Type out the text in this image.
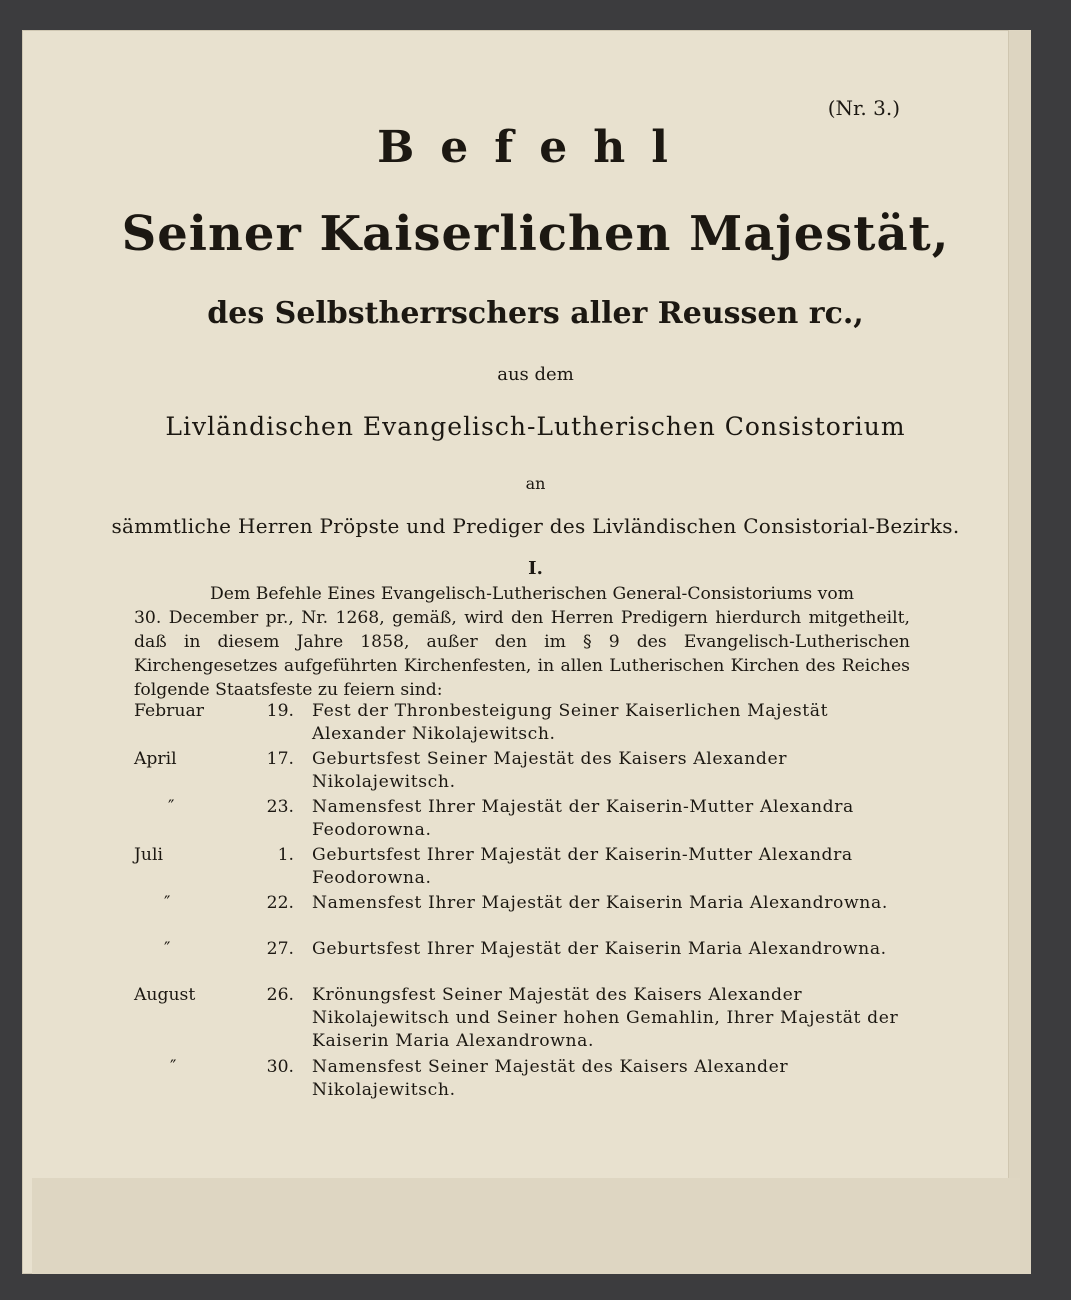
(Nr. 3.)
Befehl
Seiner Kaiserlichen Majestät,
des Selbstherrschers aller Reussen rc.,
aus dem
Livländischen Evangelisch-Lutherischen Consistorium
an
sämmtliche Herren Pröpste und Prediger des Livländischen Consistorial-Bezirks.
I.
Dem Befehle Eines Evangelisch-Lutherischen General-Consistoriums vom
30. December pr., Nr. 1268, gemäß, wird den Herren Predigern hierdurch mitgetheilt, daß in diesem Jahre 1858, außer den im § 9 des Evangelisch-Lutherischen Kirchengesetzes aufgeführten Kirchenfesten, in allen Lutherischen Kirchen des Reiches folgende Staatsfeste zu feiern sind:
Februar	19. Fest der Thronbesteigung Seiner Kaiserlichen Majestät Alexander Nikolajewitsch.
April	17. Geburtsfest Seiner Majestät des Kaisers Alexander Nikolajewitsch.
″	23. Namensfest Ihrer Majestät der Kaiserin-Mutter Alexandra Feodorowna.
Juli	1. Geburtsfest Ihrer Majestät der Kaiserin-Mutter Alexandra Feodorowna.
″	22. Namensfest Ihrer Majestät der Kaiserin Maria Alexandrowna.
″	27. Geburtsfest Ihrer Majestät der Kaiserin Maria Alexandrowna.
August	26. Krönungsfest Seiner Majestät des Kaisers Alexander Nikolajewitsch und Seiner hohen Gemahlin, Ihrer Majestät der Kaiserin Maria Alexandrowna.
″	30. Namensfest Seiner Majestät des Kaisers Alexander Nikolajewitsch.
